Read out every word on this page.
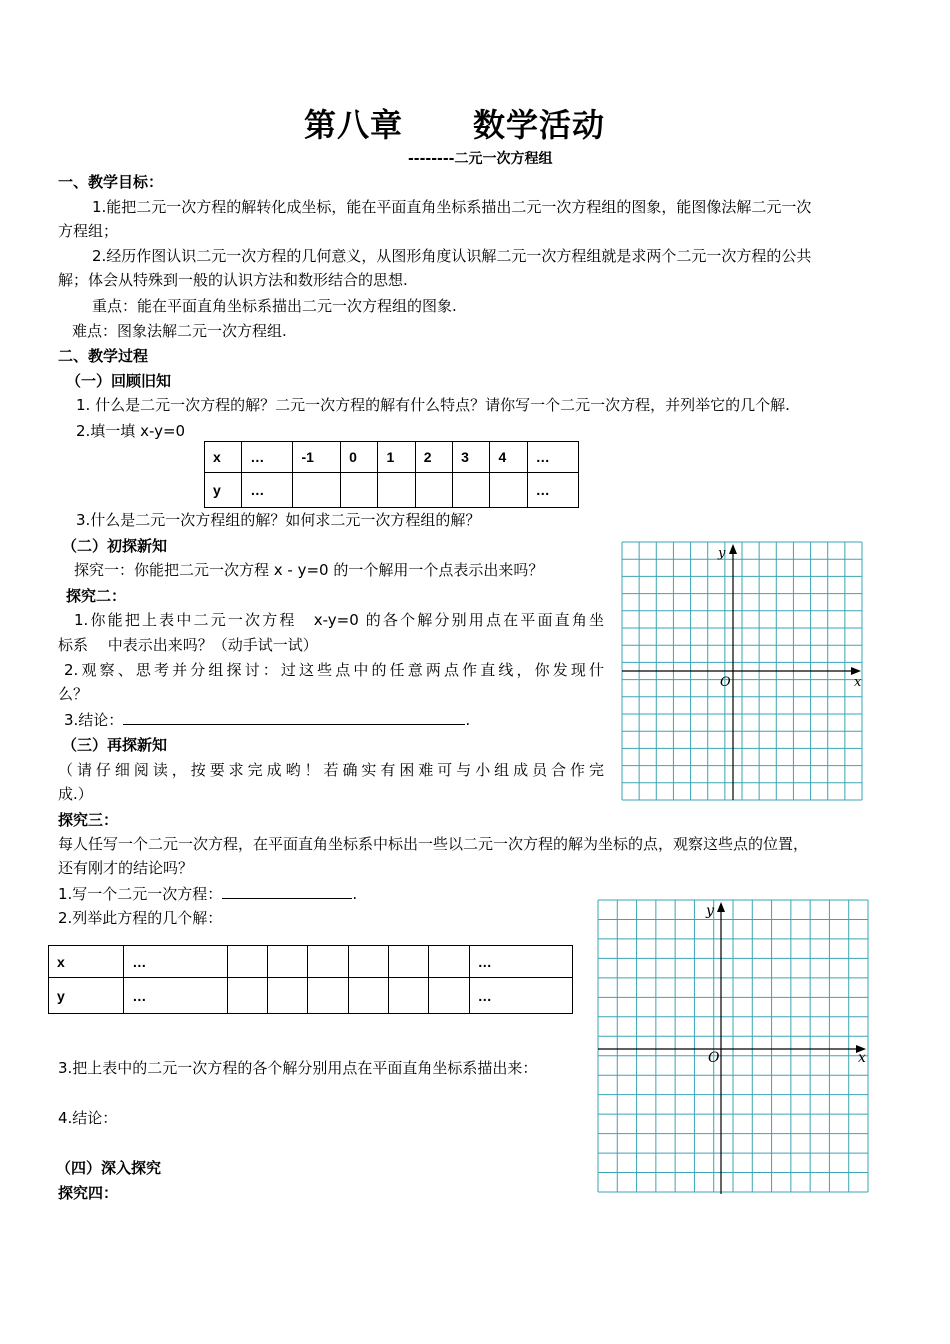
第八章 数学活动
--------二元一次方程组
一、教学目标：
1.能把二元一次方程的解转化成坐标，能在平面直角坐标系描出二元一次方程组的图象，能图像法解二元一次
方程组；
2.经历作图认识二元一次方程的几何意义，从图形角度认识解二元一次方程组就是求两个二元一次方程的公共
解；体会从特殊到一般的认识方法和数形结合的思想.
重点：能在平面直角坐标系描出二元一次方程组的图象.
难点：图象法解二元一次方程组.
二、教学过程
（一）回顾旧知
1. 什么是二元一次方程的解？二元一次方程的解有什么特点？请你写一个二元一次方程，并列举它的几个解.
2.填一填 x-y=0
x	…	-1	0	1	2	3	4	…
y	…							…
3.什么是二元一次方程组的解？如何求二元一次方程组的解？
（二）初探新知
探究一：你能把二元一次方程 x - y=0 的一个解用一个点表示出来吗？
探究二：
1.你能把上表中二元一次方程　x-y=0 的各个解分别用点在平面直角坐
标系　 中表示出来吗？（动手试一试）
2.观察、思考并分组探讨：过这些点中的任意两点作直线，你发现什
么？
3.结论：	.
（三）再探新知
（请仔细阅读，按要求完成哟！若确实有困难可与小组成员合作完
成.）
探究三：
每人任写一个二元一次方程，在平面直角坐标系中标出一些以二元一次方程的解为坐标的点，观察这些点的位置，
还有刚才的结论吗？
1.写一个二元一次方程：	.
2.列举此方程的几个解：
x	…							…
y	…							…
3.把上表中的二元一次方程的各个解分别用点在平面直角坐标系描出来：
4.结论：
（四）深入探究
探究四：
y
x
O
y
x
O
